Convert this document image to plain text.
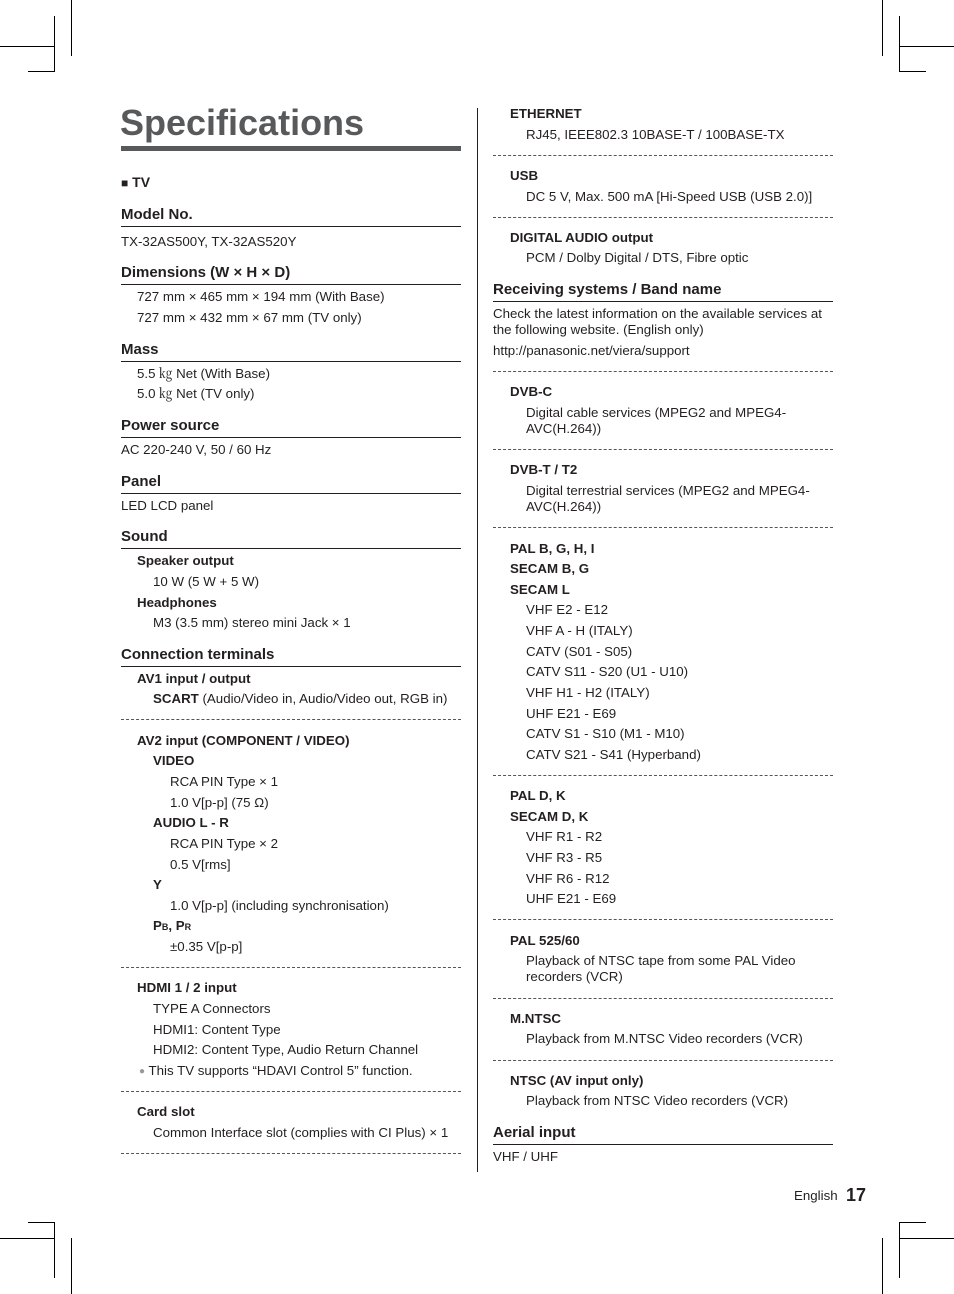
Specifications
■ TV
Model No.
TX-32AS500Y, TX-32AS520Y
Dimensions (W × H × D)
727 mm × 465 mm × 194 mm (With Base)
727 mm × 432 mm × 67 mm (TV only)
Mass
5.5 ㎏ Net (With Base)
5.0 ㎏ Net (TV only)
Power source
AC 220-240 V, 50 / 60 Hz
Panel
LED LCD panel
Sound
Speaker output
10 W (5 W + 5 W)
Headphones
M3 (3.5 mm) stereo mini Jack × 1
Connection terminals
AV1 input / output
SCART (Audio/Video in, Audio/Video out, RGB in)
AV2 input (COMPONENT / VIDEO)
VIDEO
RCA PIN Type × 1
1.0 V[p-p] (75 Ω)
AUDIO L - R
RCA PIN Type × 2
0.5 V[rms]
Y
1.0 V[p-p] (including synchronisation)
PB, PR
±0.35 V[p-p]
HDMI 1 / 2 input
TYPE A Connectors
HDMI1: Content Type
HDMI2: Content Type, Audio Return Channel
● This TV supports “HDAVI Control 5” function.
Card slot
Common Interface slot (complies with CI Plus) × 1
ETHERNET
RJ45, IEEE802.3 10BASE-T / 100BASE-TX
USB
DC 5 V, Max. 500 mA [Hi-Speed USB (USB 2.0)]
DIGITAL AUDIO output
PCM / Dolby Digital / DTS, Fibre optic
Receiving systems / Band name
Check the latest information on the available services at the following website. (English only)
http://panasonic.net/viera/support
DVB-C
Digital cable services (MPEG2 and MPEG4-AVC(H.264))
DVB-T / T2
Digital terrestrial services (MPEG2 and MPEG4-AVC(H.264))
PAL B, G, H, I
SECAM B, G
SECAM L
VHF E2 - E12
VHF A - H (ITALY)
CATV (S01 - S05)
CATV S11 - S20 (U1 - U10)
VHF H1 - H2 (ITALY)
UHF E21 - E69
CATV S1 - S10 (M1 - M10)
CATV S21 - S41 (Hyperband)
PAL D, K
SECAM D, K
VHF R1 - R2
VHF R3 - R5
VHF R6 - R12
UHF E21 - E69
PAL 525/60
Playback of NTSC tape from some PAL Video recorders (VCR)
M.NTSC
Playback from M.NTSC Video recorders (VCR)
NTSC (AV input only)
Playback from NTSC Video recorders (VCR)
Aerial input
VHF / UHF
English 17
